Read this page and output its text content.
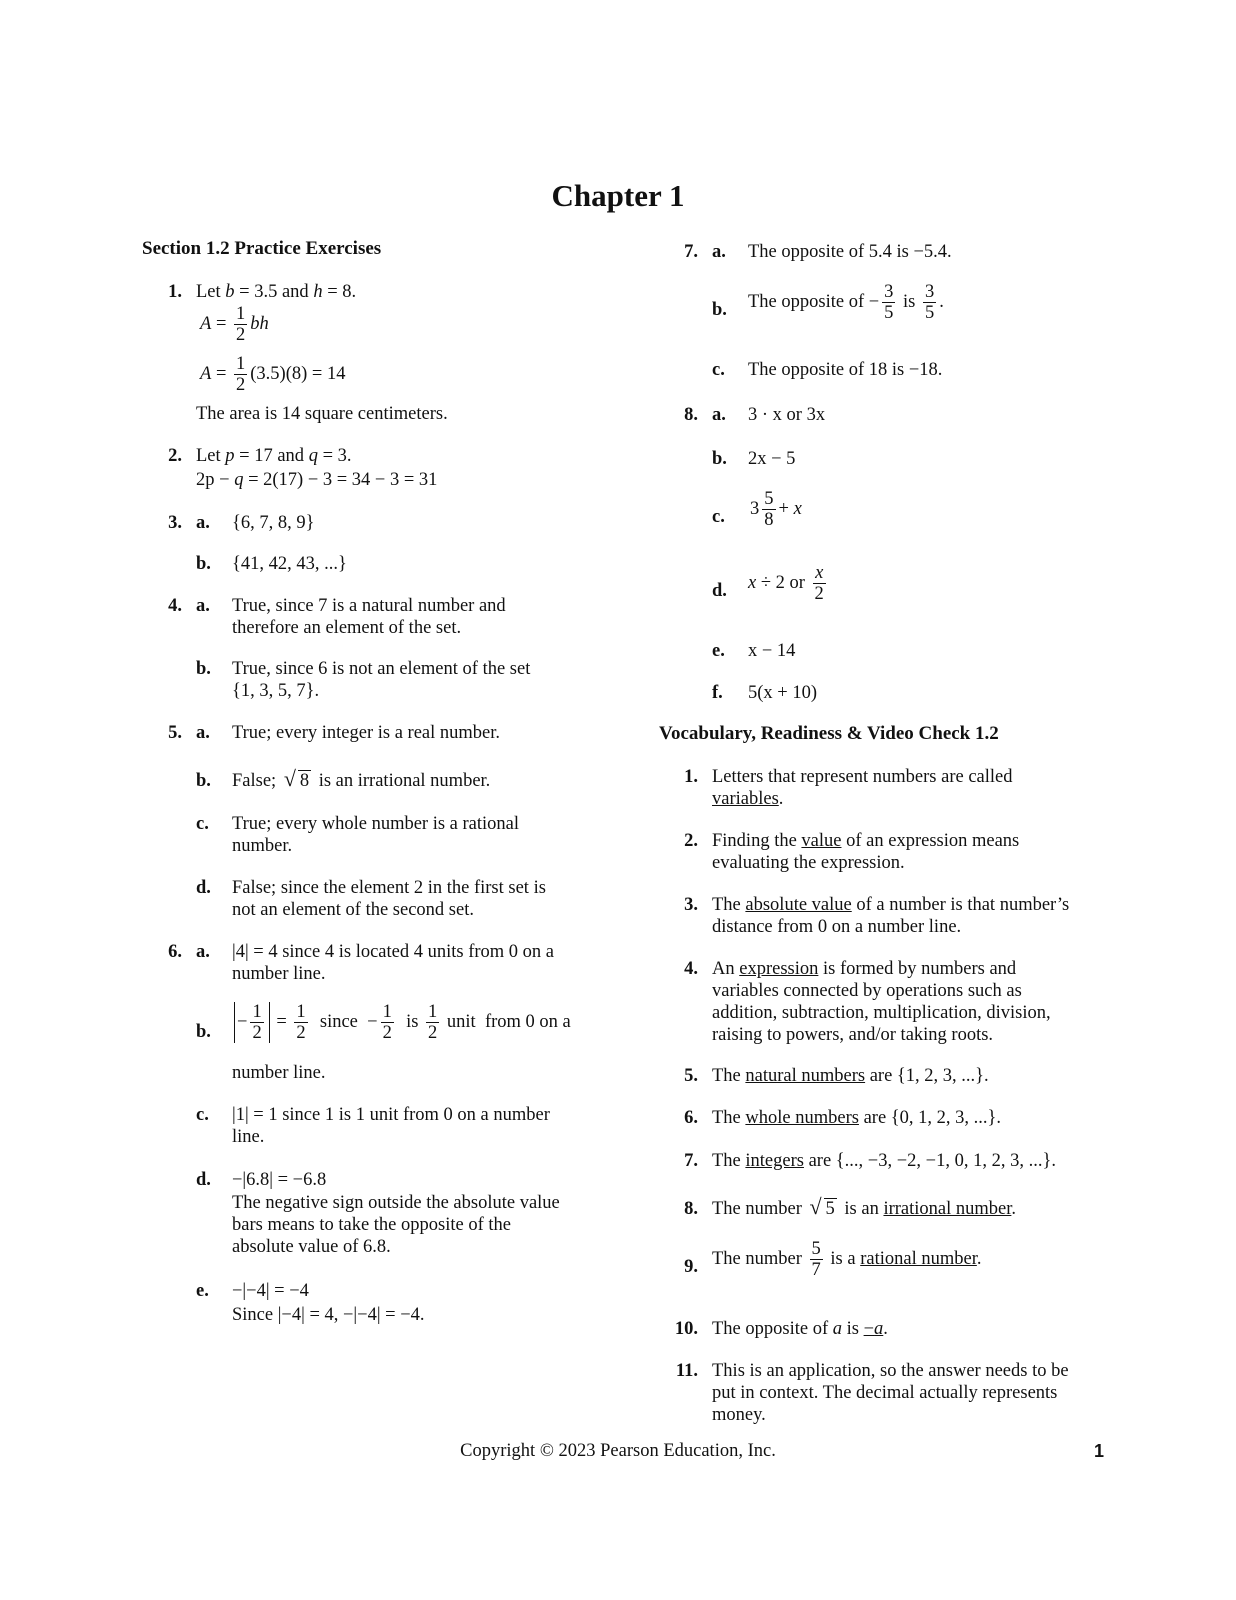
Chapter 1
Section 1.2 Practice Exercises
1. Let b = 3.5 and h = 8.
$A = \frac{1}{2}$ bh
$A = \frac{1}{2} (3.5)(8) = 14$
The area is 14 square centimeters.
2. Let p = 17 and q = 3.
2p − q = 2(17) − 3 = 34 − 3 = 31
3. a. {6, 7, 8, 9}
b. {41, 42, 43, ...}
4. a. True, since 7 is a natural number and
therefore an element of the set.
b. True, since 6 is not an element of the set
{1, 3, 5, 7}.
5. a. True; every integer is a real number.
b. False; √ 8 is an irrational number.
c. True; every whole number is a rational
number.
d. False; since the element 2 in the first set is
not an element of the second set.
6. a. |4| = 4 since 4 is located 4 units from 0 on a
number line.
b.
− $\frac{1}{2} = \frac{1}{2}$ since  − $\frac{1}{2}$ is $\frac{1}{2}$ unit  from 0 on a
number line.
c. |1| = 1 since 1 is 1 unit from 0 on a number
line.
d. −|6.8| = −6.8
The negative sign outside the absolute value
bars means to take the opposite of the
absolute value of 6.8.
e. −|−4| = −4
Since |−4| = 4, −|−4| = −4.
7. a. The opposite of 5.4 is −5.4.
b. The opposite of − $\frac{3}{5}$ is $\frac{3}{5}$ .
c. The opposite of 18 is −18.
8. a. 3 · x or 3x
b. 2x − 5
c. $3 \frac{5}{8} + x$
d. x ÷ 2 or $\frac{x}{2}$
e. x − 14
f. 5(x + 10)
Vocabulary, Readiness & Video Check 1.2
1. Letters that represent numbers are called
variables.
2. Finding the value of an expression means
evaluating the expression.
3. The absolute value of a number is that number’s
distance from 0 on a number line.
4. An expression is formed by numbers and
variables connected by operations such as
addition, subtraction, multiplication, division,
raising to powers, and/or taking roots.
5. The natural numbers are {1, 2, 3, ...}.
6. The whole numbers are {0, 1, 2, 3, ...}.
7. The integers are {..., −3, −2, −1, 0, 1, 2, 3, ...}.
8. The number √ 5 is an irrational number.
9. The number $\frac{5}{7}$ is a rational number.
10. The opposite of a is −a.
11. This is an application, so the answer needs to be
put in context. The decimal actually represents
money.
Copyright © 2023 Pearson Education, Inc.	1
